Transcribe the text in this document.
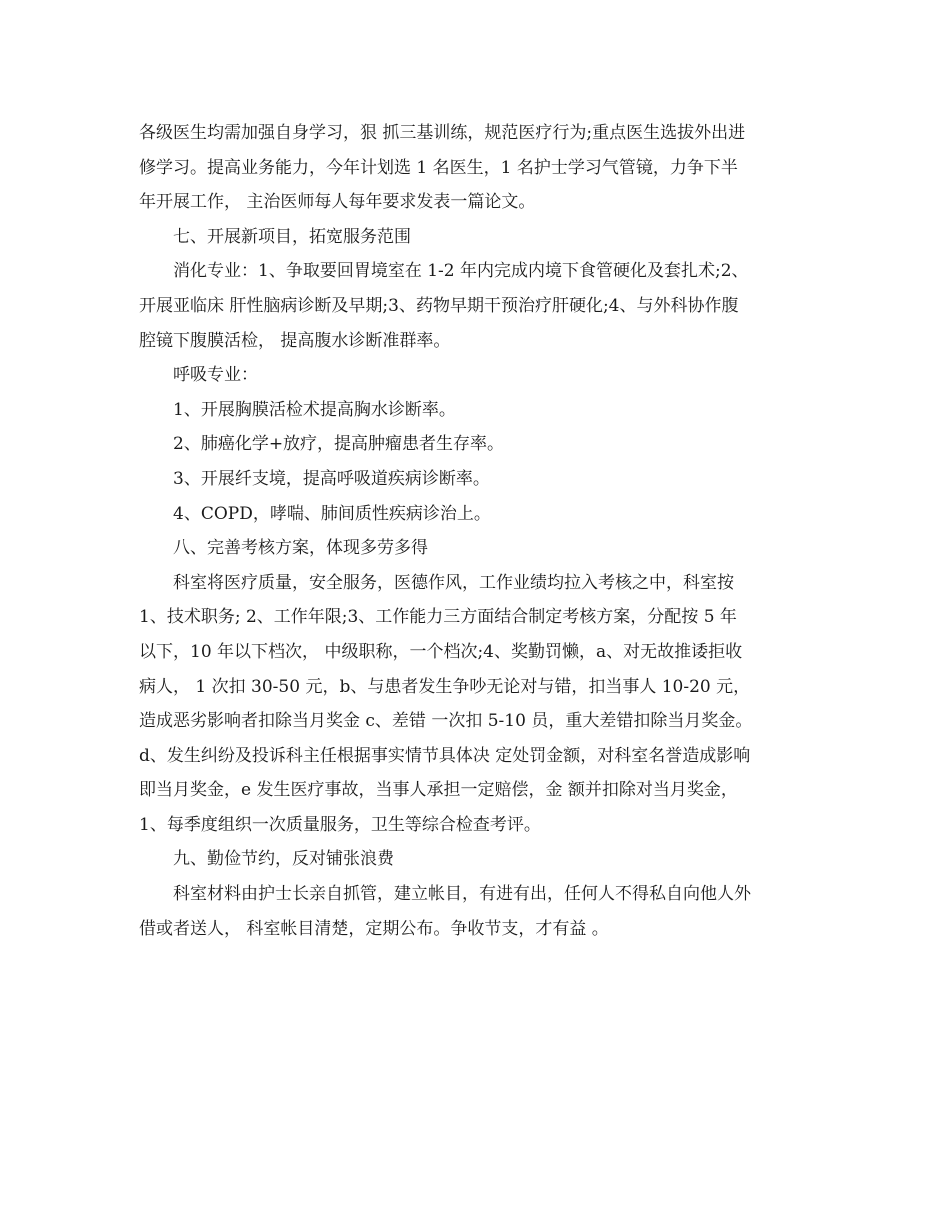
各级医生均需加强自身学习，狠 抓三基训练，规范医疗行为;重点医生选拔外出进
修学习。提高业务能力，今年计划选 1 名医生，1 名护士学习气管镜，力争下半
年开展工作， 主治医师每人每年要求发表一篇论文。
七、开展新项目，拓宽服务范围
消化专业：1、争取要回胃境室在 1-2 年内完成内境下食管硬化及套扎术;2、
开展亚临床 肝性脑病诊断及早期;3、药物早期干预治疗肝硬化;4、与外科协作腹
腔镜下腹膜活检， 提高腹水诊断准群率。
呼吸专业：
1、开展胸膜活检术提高胸水诊断率。
2、肺癌化学+放疗，提高肿瘤患者生存率。
3、开展纤支境，提高呼吸道疾病诊断率。
4、COPD，哮喘、肺间质性疾病诊治上。
八、完善考核方案，体现多劳多得
科室将医疗质量，安全服务，医德作风，工作业绩均拉入考核之中，科室按
1、技术职务; 2、工作年限;3、工作能力三方面结合制定考核方案，分配按 5 年
以下，10 年以下档次， 中级职称，一个档次;4、奖勤罚懒，a、对无故推诿拒收
病人， 1 次扣 30-50 元，b、与患者发生争吵无论对与错，扣当事人 10-20 元，
造成恶劣影响者扣除当月奖金 c、差错 一次扣 5-10 员，重大差错扣除当月奖金。
d、发生纠纷及投诉科主任根据事实情节具体决 定处罚金额，对科室名誉造成影响
即当月奖金，e 发生医疗事故，当事人承担一定赔偿，金 额并扣除对当月奖金，
1、每季度组织一次质量服务，卫生等综合检查考评。
九、勤俭节约，反对铺张浪费
科室材料由护士长亲自抓管，建立帐目，有进有出，任何人不得私自向他人外
借或者送人， 科室帐目清楚，定期公布。争收节支，才有益 。
